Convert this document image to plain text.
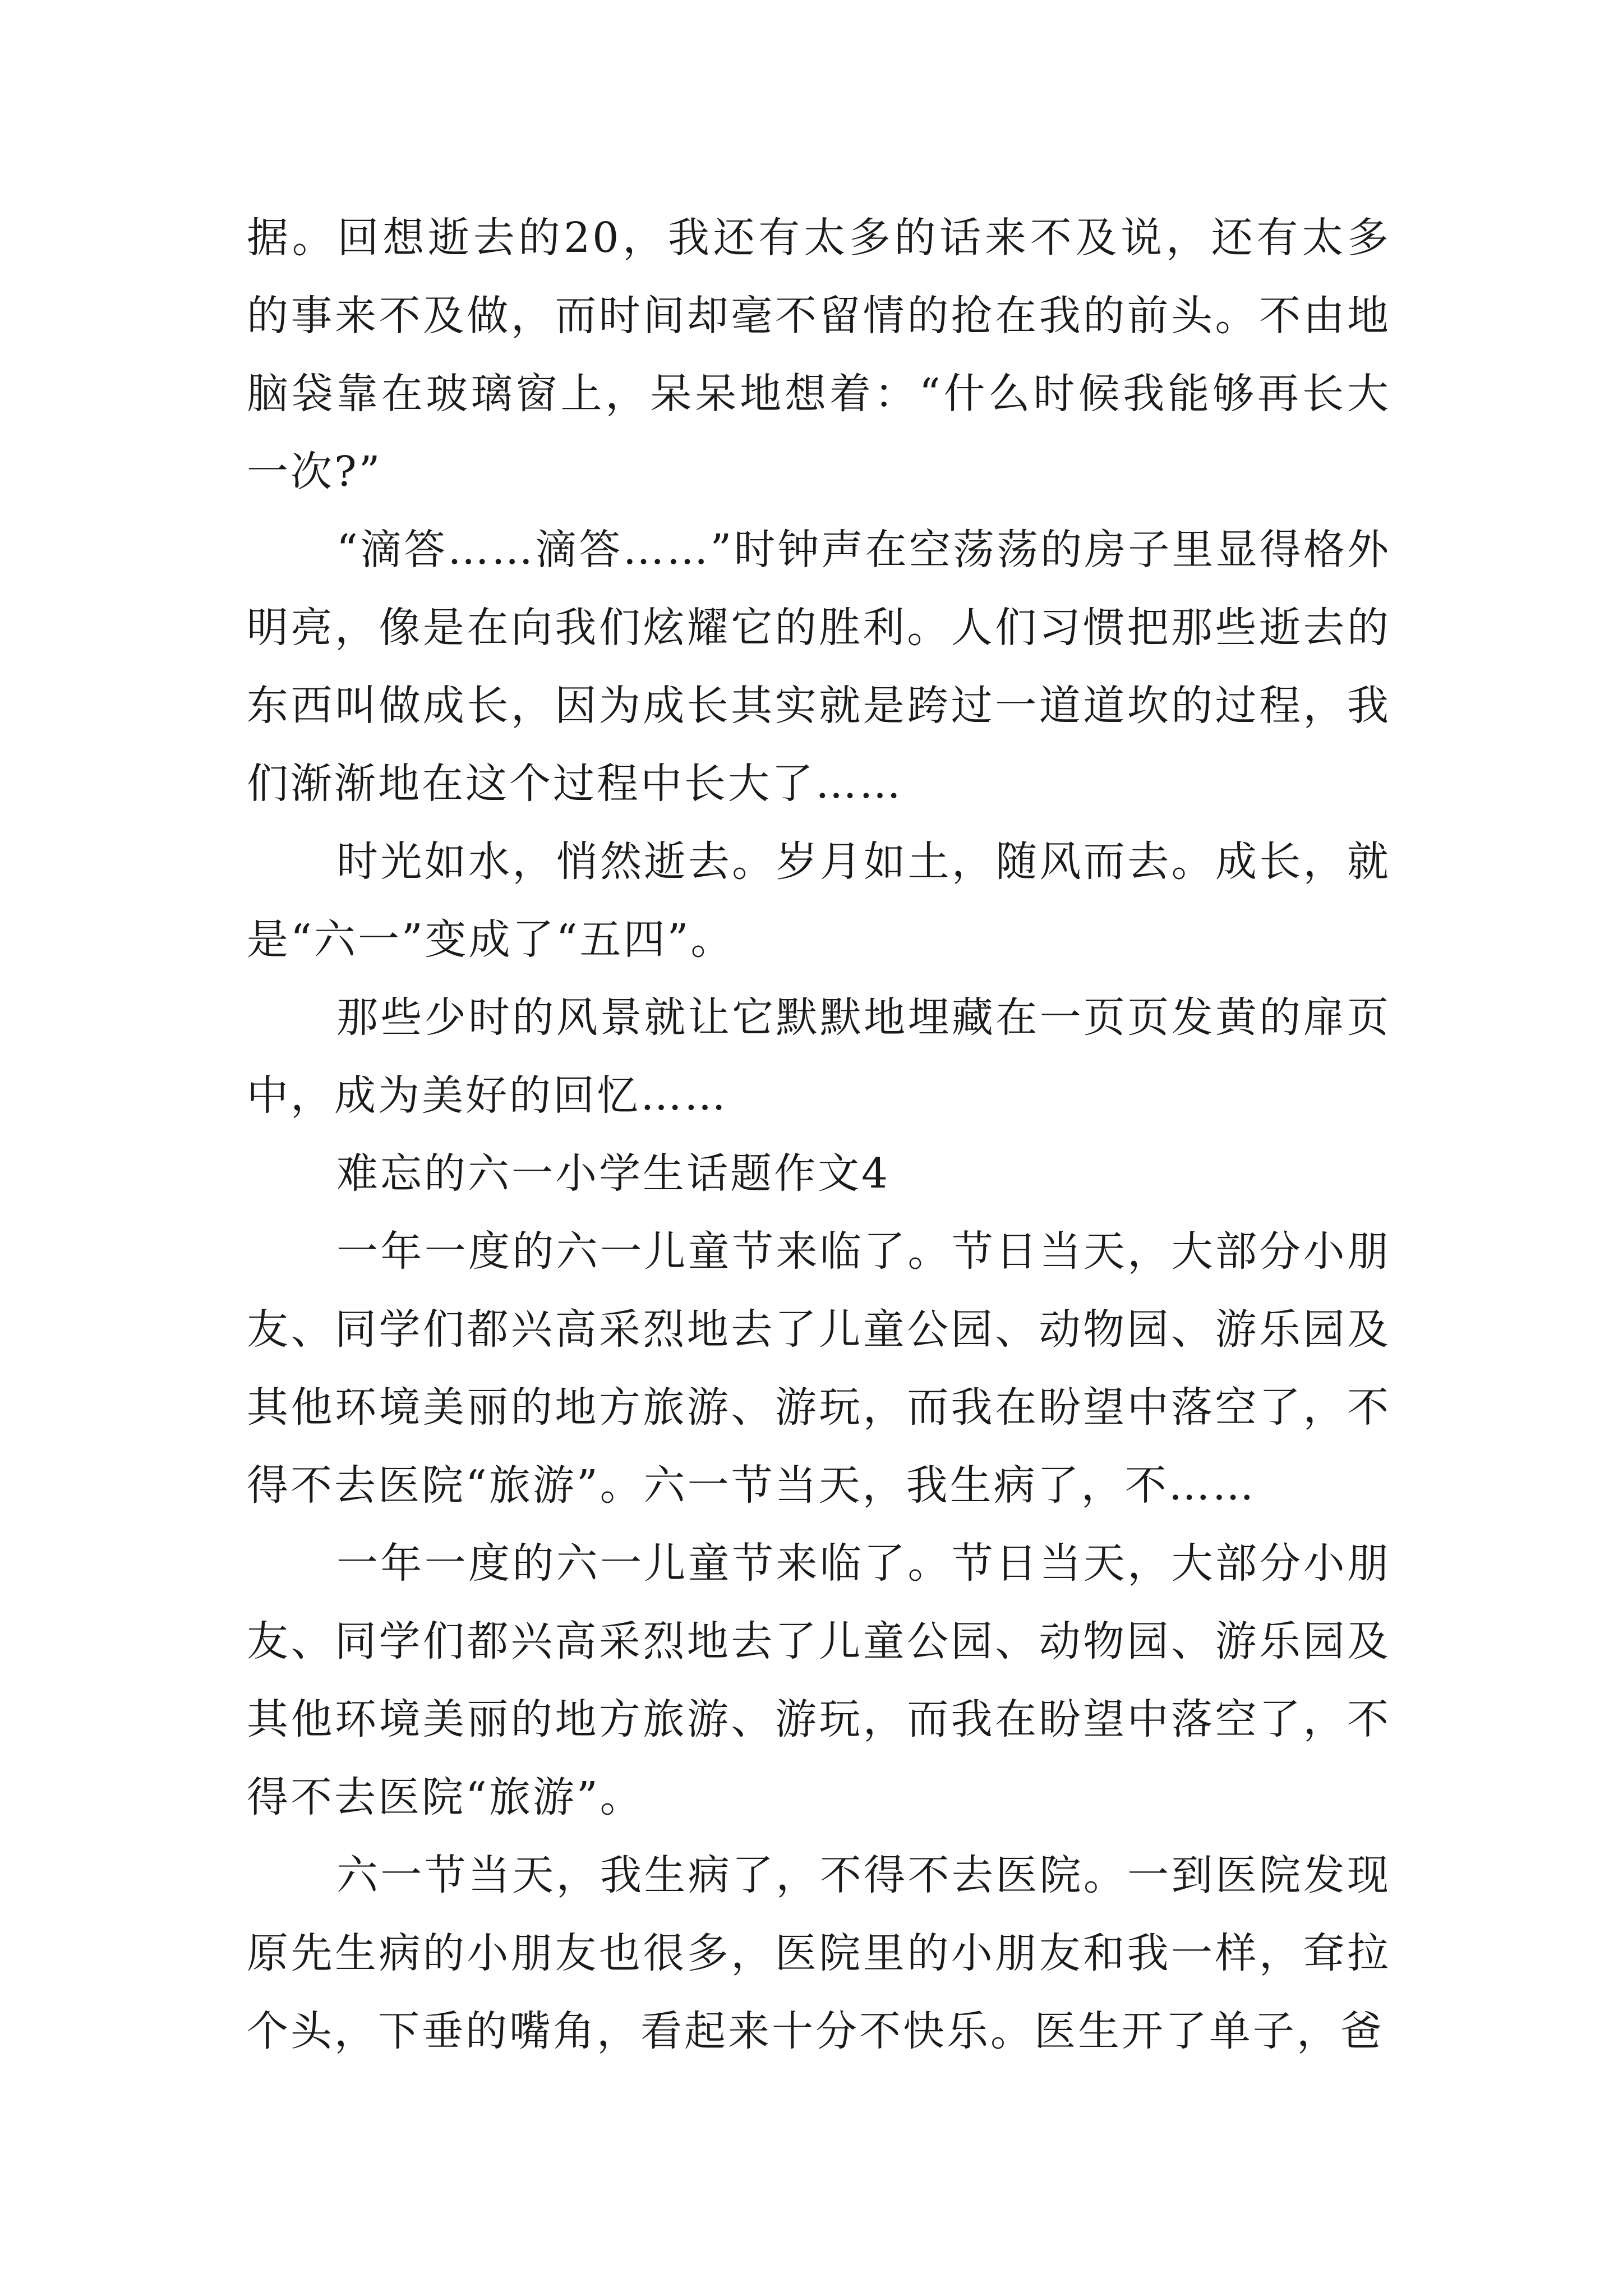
据。回想逝去的20，我还有太多的话来不及说，还有太多的事来不及做，而时间却毫不留情的抢在我的前头。不由地脑袋靠在玻璃窗上，呆呆地想着：“什么时候我能够再长大一次?”

“滴答……滴答……”时钟声在空荡荡的房子里显得格外明亮，像是在向我们炫耀它的胜利。人们习惯把那些逝去的东西叫做成长，因为成长其实就是跨过一道道坎的过程，我们渐渐地在这个过程中长大了……

时光如水，悄然逝去。岁月如土，随风而去。成长，就是“六一”变成了“五四”。

那些少时的风景就让它默默地埋藏在一页页发黄的扉页中，成为美好的回忆……

难忘的六一小学生话题作文4

一年一度的六一儿童节来临了。节日当天，大部分小朋友、同学们都兴高采烈地去了儿童公园、动物园、游乐园及其他环境美丽的地方旅游、游玩，而我在盼望中落空了，不得不去医院“旅游”。六一节当天，我生病了，不……

一年一度的六一儿童节来临了。节日当天，大部分小朋友、同学们都兴高采烈地去了儿童公园、动物园、游乐园及其他环境美丽的地方旅游、游玩，而我在盼望中落空了，不得不去医院“旅游”。

六一节当天，我生病了，不得不去医院。一到医院发现原先生病的小朋友也很多，医院里的小朋友和我一样，耷拉个头，下垂的嘴角，看起来十分不快乐。医生开了单子，爸
